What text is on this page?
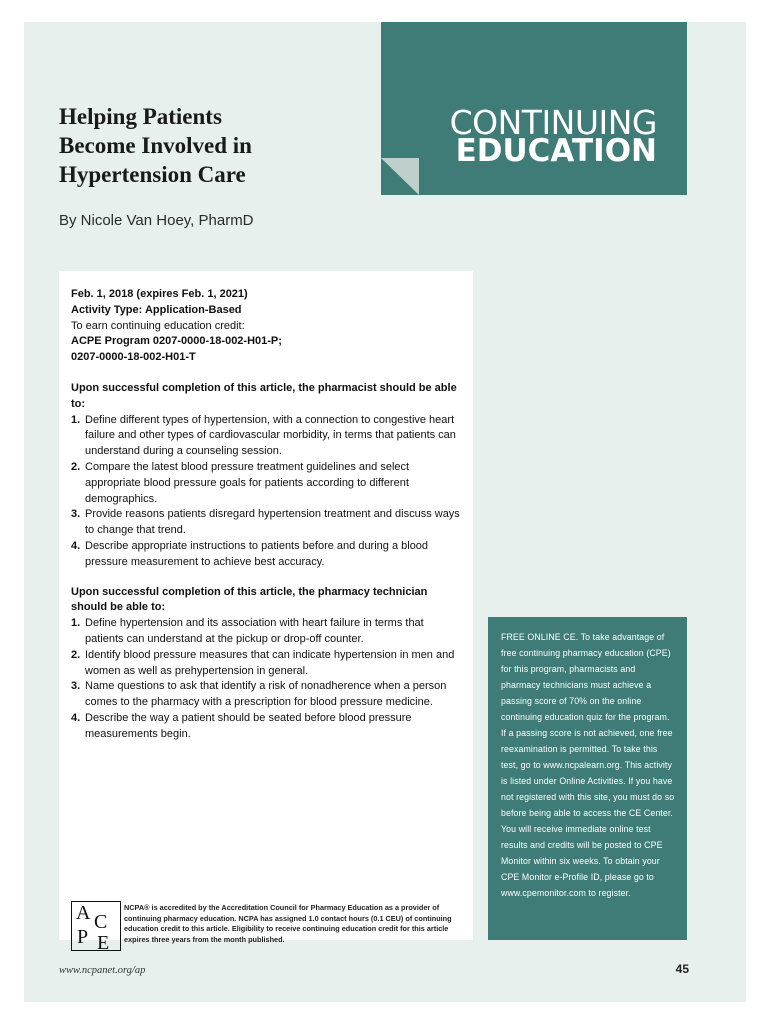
Helping Patients
Become Involved in
Hypertension Care
CONTINUING
EDUCATION
By Nicole Van Hoey, PharmD
Feb. 1, 2018 (expires Feb. 1, 2021)
Activity Type: Application-Based
To earn continuing education credit:
ACPE Program 0207-0000-18-002-H01-P;
0207-0000-18-002-H01-T
Upon successful completion of this article, the pharmacist should be able to:
1. Define different types of hypertension, with a connection to congestive heart failure and other types of cardiovascular morbidity, in terms that patients can understand during a counseling session.
2. Compare the latest blood pressure treatment guidelines and select appropriate blood pressure goals for patients according to different demographics.
3. Provide reasons patients disregard hypertension treatment and discuss ways to change that trend.
4. Describe appropriate instructions to patients before and during a blood pressure measurement to achieve best accuracy.
Upon successful completion of this article, the pharmacy technician should be able to:
1. Define hypertension and its association with heart failure in terms that patients can understand at the pickup or drop-off counter.
2. Identify blood pressure measures that can indicate hypertension in men and women as well as prehypertension in general.
3. Name questions to ask that identify a risk of nonadherence when a person comes to the pharmacy with a prescription for blood pressure medicine.
4. Describe the way a patient should be seated before blood pressure measurements begin.
A C
P E
NCPA® is accredited by the Accreditation Council for Pharmacy Education as a provider of continuing pharmacy education. NCPA has assigned 1.0 contact hours (0.1 CEU) of continuing education credit to this article. Eligibility to receive continuing education credit for this article expires three years from the month published.
FREE ONLINE CE. To take advantage of free continuing pharmacy education (CPE) for this program, pharmacists and pharmacy technicians must achieve a passing score of 70% on the online continuing education quiz for the program. If a passing score is not achieved, one free reexamination is permitted. To take this test, go to www.ncpalearn.org. This activity is listed under Online Activities. If you have not registered with this site, you must do so before being able to access the CE Center. You will receive immediate online test results and credits will be posted to CPE Monitor within six weeks. To obtain your CPE Monitor e-Profile ID, please go to www.cpemonitor.com to register.
www.ncpanet.org/ap	45
